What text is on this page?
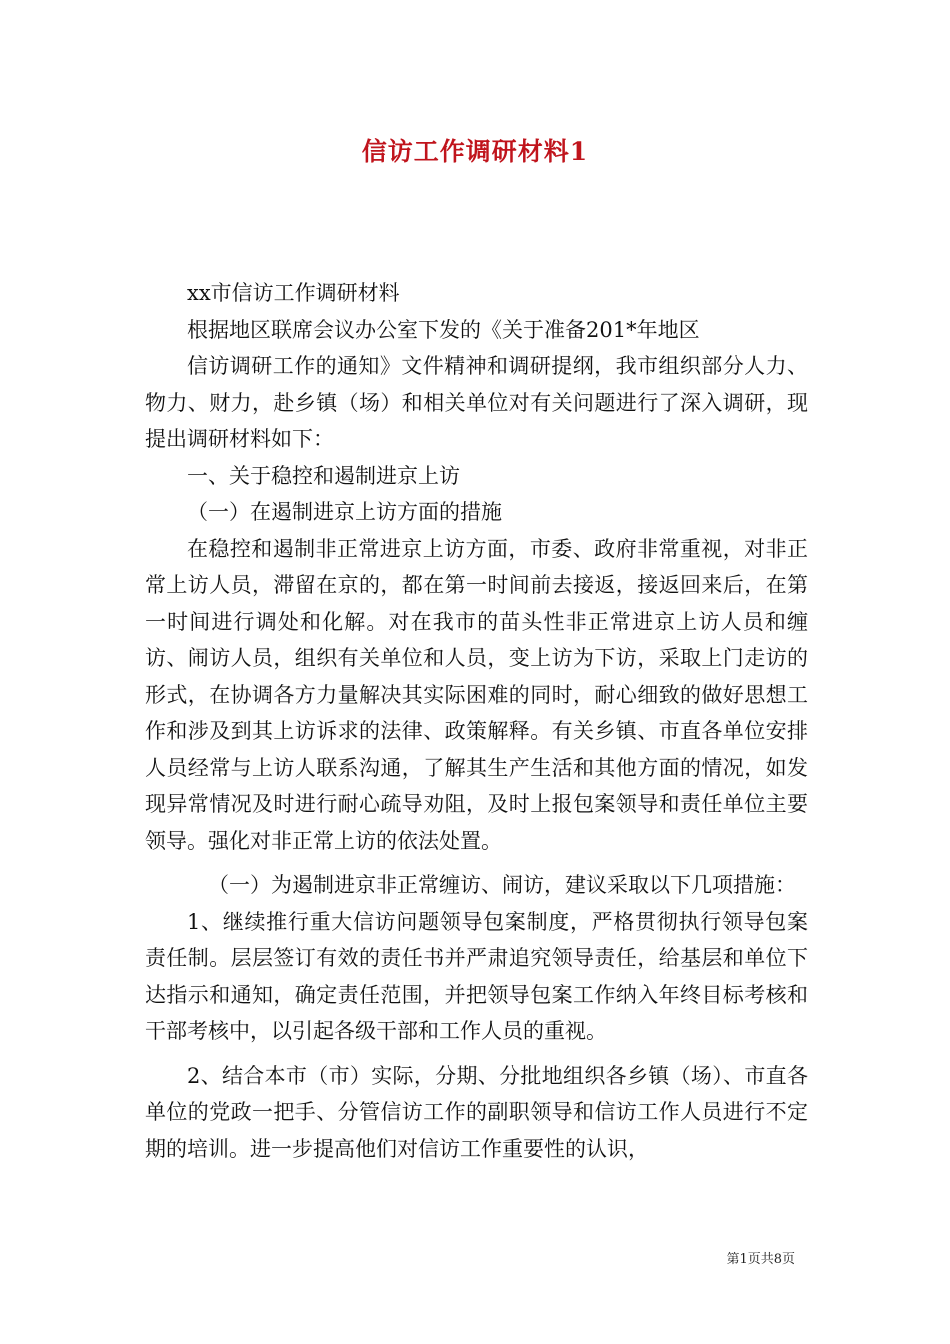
信访工作调研材料1

xx市信访工作调研材料

根据地区联席会议办公室下发的《关于准备201*年地区

信访调研工作的通知》文件精神和调研提纲，我市组织部分人力、物力、财力，赴乡镇（场）和相关单位对有关问题进行了深入调研，现提出调研材料如下：

一、关于稳控和遏制进京上访

（一）在遏制进京上访方面的措施

在稳控和遏制非正常进京上访方面，市委、政府非常重视，对非正常上访人员，滞留在京的，都在第一时间前去接返，接返回来后，在第一时间进行调处和化解。对在我市的苗头性非正常进京上访人员和缠访、闹访人员，组织有关单位和人员，变上访为下访，采取上门走访的形式，在协调各方力量解决其实际困难的同时，耐心细致的做好思想工作和涉及到其上访诉求的法律、政策解释。有关乡镇、市直各单位安排人员经常与上访人联系沟通，了解其生产生活和其他方面的情况，如发现异常情况及时进行耐心疏导劝阻，及时上报包案领导和责任单位主要领导。强化对非正常上访的依法处置。

（一）为遏制进京非正常缠访、闹访，建议采取以下几项措施：

1、继续推行重大信访问题领导包案制度，严格贯彻执行领导包案责任制。层层签订有效的责任书并严肃追究领导责任，给基层和单位下达指示和通知，确定责任范围，并把领导包案工作纳入年终目标考核和干部考核中，以引起各级干部和工作人员的重视。

2、结合本市（市）实际，分期、分批地组织各乡镇（场）、市直各单位的党政一把手、分管信访工作的副职领导和信访工作人员进行不定期的培训。进一步提高他们对信访工作重要性的认识，

第1页共8页
